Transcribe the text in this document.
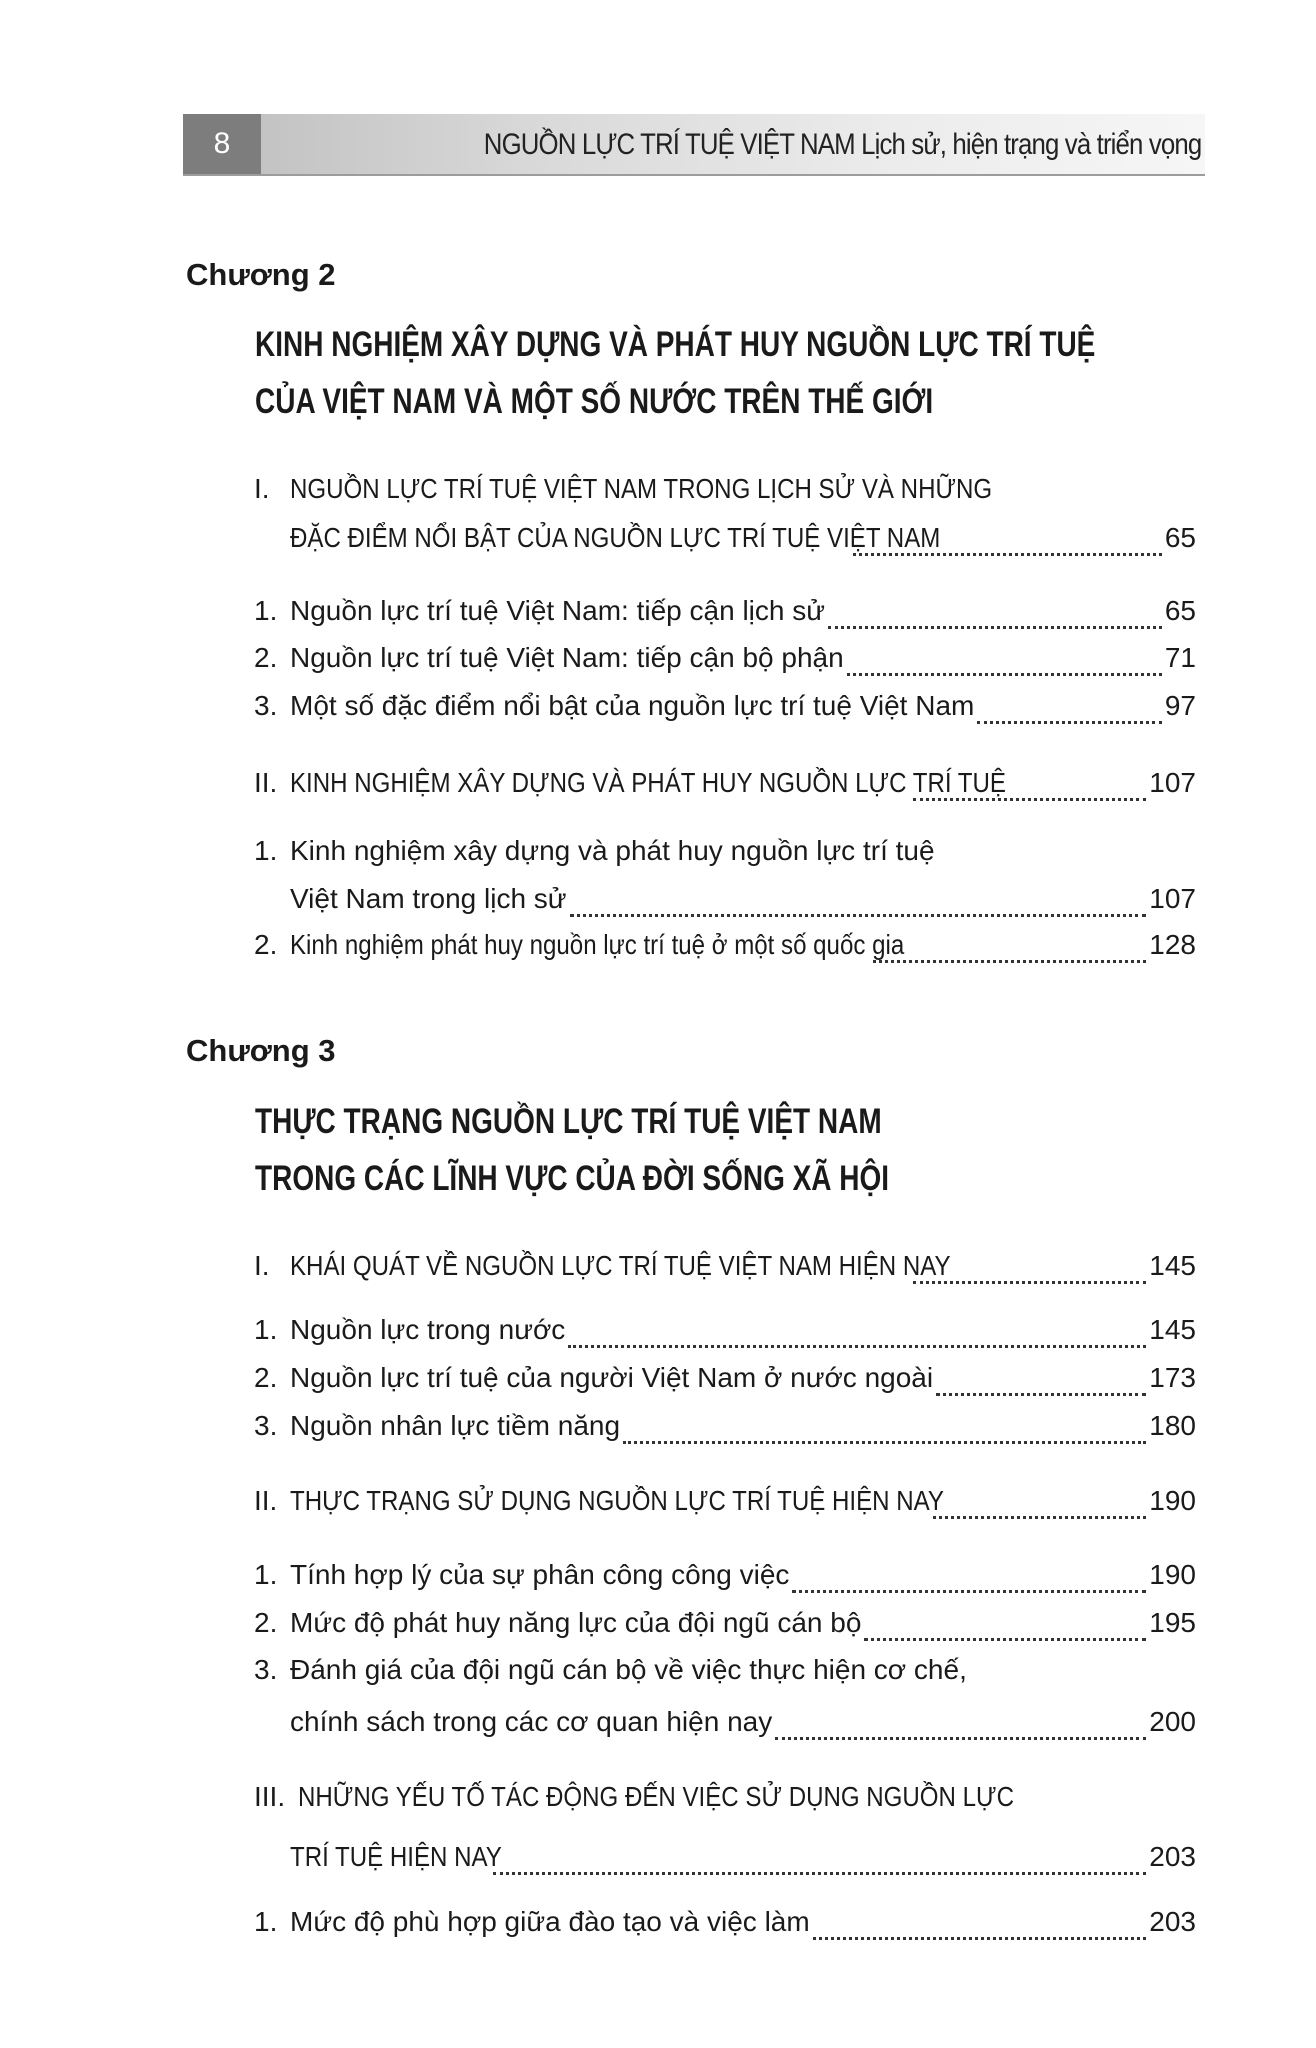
8	NGUỒN LỰC TRÍ TUỆ VIỆT NAM Lịch sử, hiện trạng và triển vọng
Chương 2
KINH NGHIỆM XÂY DỰNG VÀ PHÁT HUY NGUỒN LỰC TRÍ TUỆ
CỦA VIỆT NAM VÀ MỘT SỐ NƯỚC TRÊN THẾ GIỚI
I. NGUỒN LỰC TRÍ TUỆ VIỆT NAM TRONG LỊCH SỬ VÀ NHỮNG
ĐẶC ĐIỂM NỔI BẬT CỦA NGUỒN LỰC TRÍ TUỆ VIỆT NAM	65
1. Nguồn lực trí tuệ Việt Nam: tiếp cận lịch sử	65
2. Nguồn lực trí tuệ Việt Nam: tiếp cận bộ phận	71
3. Một số đặc điểm nổi bật của nguồn lực trí tuệ Việt Nam	97
II. KINH NGHIỆM XÂY DỰNG VÀ PHÁT HUY NGUỒN LỰC TRÍ TUỆ	107
1. Kinh nghiệm xây dựng và phát huy nguồn lực trí tuệ
Việt Nam trong lịch sử	107
2. Kinh nghiệm phát huy nguồn lực trí tuệ ở một số quốc gia	128
Chương 3
THỰC TRẠNG NGUỒN LỰC TRÍ TUỆ VIỆT NAM
TRONG CÁC LĨNH VỰC CỦA ĐỜI SỐNG XÃ HỘI
I. KHÁI QUÁT VỀ NGUỒN LỰC TRÍ TUỆ VIỆT NAM HIỆN NAY	145
1. Nguồn lực trong nước	145
2. Nguồn lực trí tuệ của người Việt Nam ở nước ngoài	173
3. Nguồn nhân lực tiềm năng	180
II. THỰC TRẠNG SỬ DỤNG NGUỒN LỰC TRÍ TUỆ HIỆN NAY	190
1. Tính hợp lý của sự phân công công việc	190
2. Mức độ phát huy năng lực của đội ngũ cán bộ	195
3. Đánh giá của đội ngũ cán bộ về việc thực hiện cơ chế,
chính sách trong các cơ quan hiện nay	200
III. NHỮNG YẾU TỐ TÁC ĐỘNG ĐẾN VIỆC SỬ DỤNG NGUỒN LỰC
TRÍ TUỆ HIỆN NAY	203
1. Mức độ phù hợp giữa đào tạo và việc làm	203
